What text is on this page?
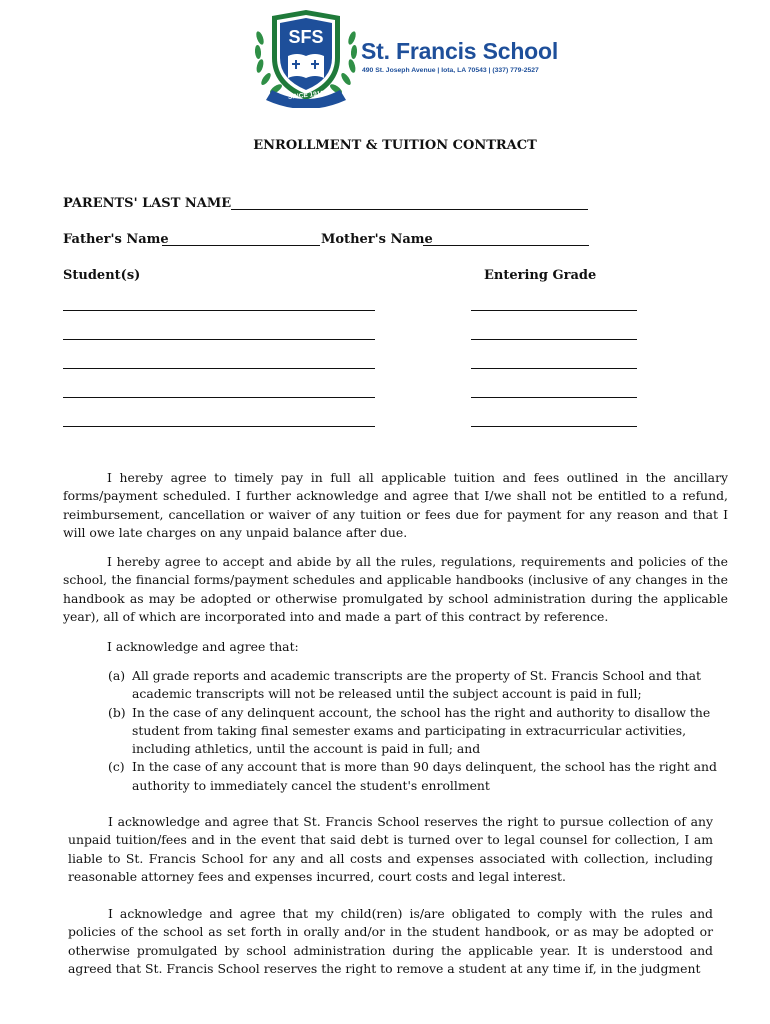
SFS
SINCE 1916
St. Francis School
490 St. Joseph Avenue | Iota, LA 70543 | (337) 779-2527
ENROLLMENT & TUITION CONTRACT
PARENTS' LAST NAME
Father's Name	Mother's Name
Student(s)	Entering Grade
I hereby agree to timely pay in full all applicable tuition and fees outlined in the ancillary forms/payment scheduled. I further acknowledge and agree that I/we shall not be entitled to a refund, reimbursement, cancellation or waiver of any tuition or fees due for payment for any reason and that I will owe late charges on any unpaid balance after due.
I hereby agree to accept and abide by all the rules, regulations, requirements and policies of the school, the financial forms/payment schedules and applicable handbooks (inclusive of any changes in the handbook as may be adopted or otherwise promulgated by school administration during the applicable year), all of which are incorporated into and made a part of this contract by reference.
I acknowledge and agree that:
(a) All grade reports and academic transcripts are the property of St. Francis School and that academic transcripts will not be released until the subject account is paid in full;
(b) In the case of any delinquent account, the school has the right and authority to disallow the student from taking final semester exams and participating in extracurricular activities, including athletics, until the account is paid in full; and
(c) In the case of any account that is more than 90 days delinquent, the school has the right and authority to immediately cancel the student's enrollment
I acknowledge and agree that St. Francis School reserves the right to pursue collection of any unpaid tuition/fees and in the event that said debt is turned over to legal counsel for collection, I am liable to St. Francis School for any and all costs and expenses associated with collection, including reasonable attorney fees and expenses incurred, court costs and legal interest.
I acknowledge and agree that my child(ren) is/are obligated to comply with the rules and policies of the school as set forth in orally and/or in the student handbook, or as may be adopted or otherwise promulgated by school administration during the applicable year. It is understood and agreed that St. Francis School reserves the right to remove a student at any time if, in the judgment
